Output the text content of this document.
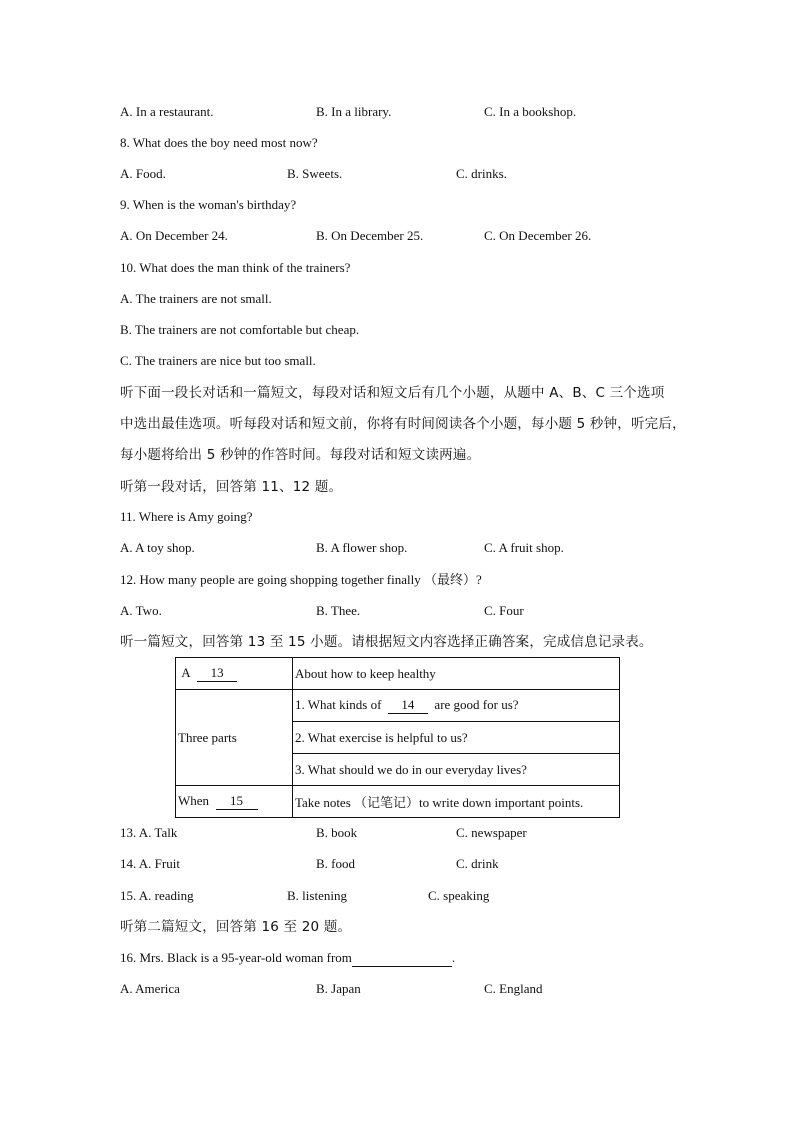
A. In a restaurant.	B. In a library.	C. In a bookshop.
8. What does the boy need most now?
A. Food.	B. Sweets.	C. drinks.
9. When is the woman's birthday?
A. On December 24.	B. On December 25.	C. On December 26.
10. What does the man think of the trainers?
A. The trainers are not small.
B. The trainers are not comfortable but cheap.
C. The trainers are nice but too small.
听下面一段长对话和一篇短文，每段对话和短文后有几个小题，从题中 A、B、C 三个选项
中选出最佳选项。听每段对话和短文前，你将有时间阅读各个小题，每小题 5 秒钟，听完后，
每小题将给出 5 秒钟的作答时间。每段对话和短文读两遍。
听第一段对话，回答第 11、12 题。
11. Where is Amy going?
A. A toy shop.	B. A flower shop.	C. A fruit shop.
12. How many people are going shopping together finally （最终）?
A. Two.	B. Thee.	C. Four
听一篇短文，回答第 13 至 15 小题。请根据短文内容选择正确答案，完成信息记录表。
A 13	About how to keep healthy
Three parts	1. What kinds of 14 are good for us?
	2. What exercise is helpful to us?
	3. What should we do in our everyday lives?
When 15	Take notes （记笔记）to write down important points.
13. A. Talk	B. book	C. newspaper
14. A. Fruit	B. food	C. drink
15. A. reading	B. listening	C. speaking
听第二篇短文，回答第 16 至 20 题。
16. Mrs. Black is a 95-year-old woman from	.
A. America	B. Japan	C. England
